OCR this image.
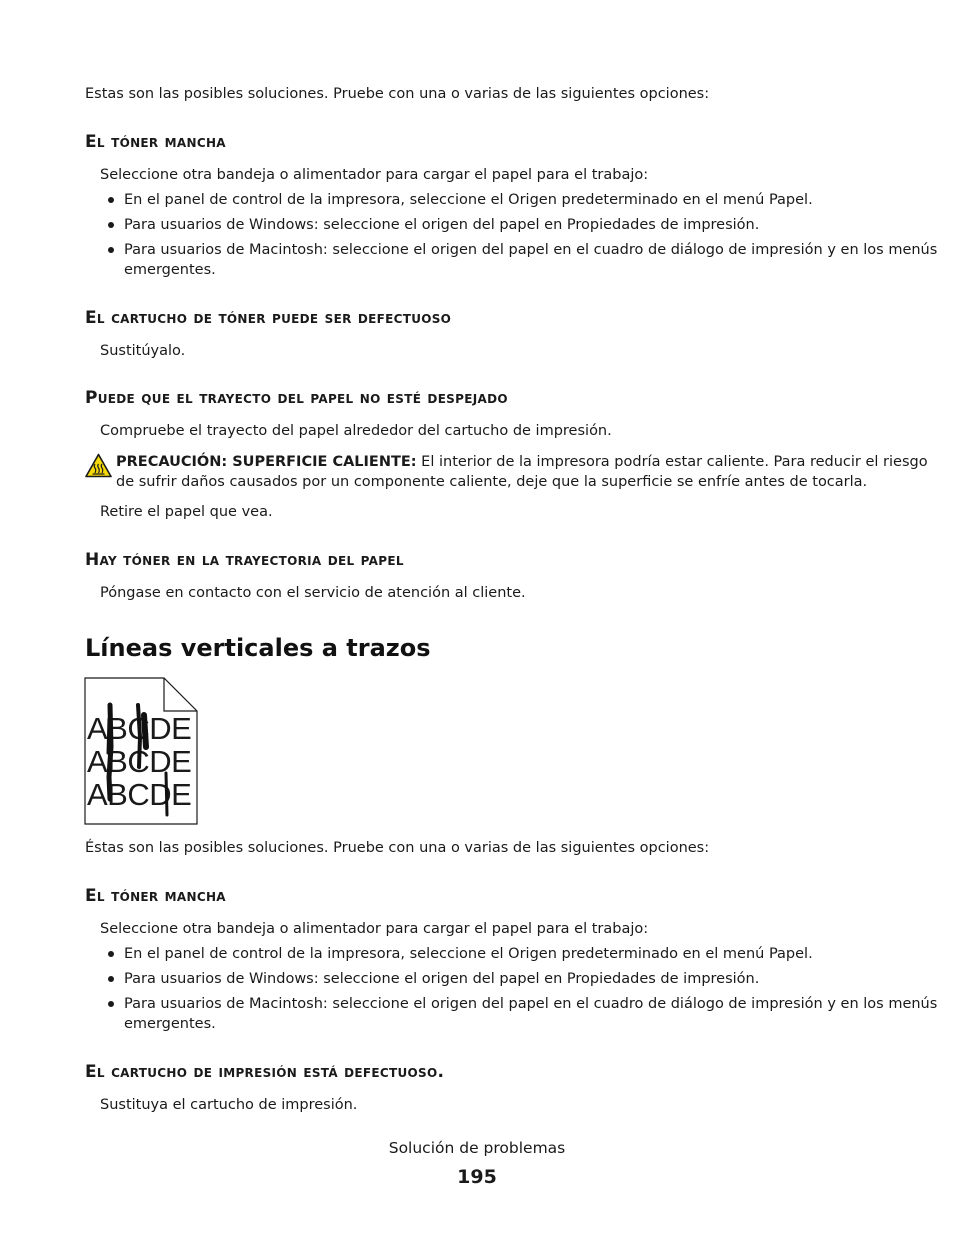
Estas son las posibles soluciones. Pruebe con una o varias de las siguientes opciones:
El tóner mancha
Seleccione otra bandeja o alimentador para cargar el papel para el trabajo:
En el panel de control de la impresora, seleccione el Origen predeterminado en el menú Papel.
Para usuarios de Windows: seleccione el origen del papel en Propiedades de impresión.
Para usuarios de Macintosh: seleccione el origen del papel en el cuadro de diálogo de impresión y en los menús
emergentes.
El cartucho de tóner puede ser defectuoso
Sustitúyalo.
Puede que el trayecto del papel no esté despejado
Compruebe el trayecto del papel alrededor del cartucho de impresión.
PRECAUCIÓN: SUPERFICIE CALIENTE: El interior de la impresora podría estar caliente. Para reducir el riesgo
de sufrir daños causados por un componente caliente, deje que la superficie se enfríe antes de tocarla.
Retire el papel que vea.
Hay tóner en la trayectoria del papel
Póngase en contacto con el servicio de atención al cliente.
Líneas verticales a trazos
ABCDE
ABCDE
ABCDE
Éstas son las posibles soluciones. Pruebe con una o varias de las siguientes opciones:
El tóner mancha
Seleccione otra bandeja o alimentador para cargar el papel para el trabajo:
En el panel de control de la impresora, seleccione el Origen predeterminado en el menú Papel.
Para usuarios de Windows: seleccione el origen del papel en Propiedades de impresión.
Para usuarios de Macintosh: seleccione el origen del papel en el cuadro de diálogo de impresión y en los menús
emergentes.
El cartucho de impresión está defectuoso.
Sustituya el cartucho de impresión.
Solución de problemas
195
